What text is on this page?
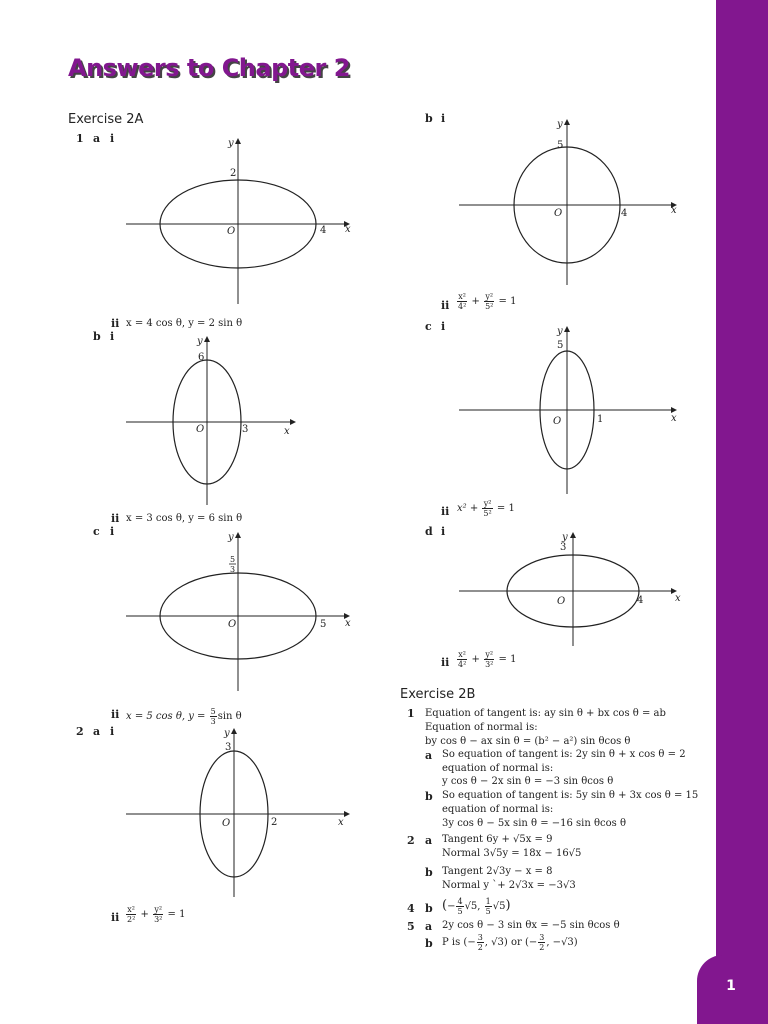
1
Answers to Chapter 2
Exercise 2A
1 a i	y
x
O	4
2
ii x = 4 cos θ, y = 2 sin θ
b i	y
x
O	3
6
ii x = 3 cos θ, y = 6 sin θ
c i	y
x
O	5
5
3
ii x = 5 cos θ, $y = \frac{5}{3}$ sin θ
2 a i	y
x
O	2
3
ii $\frac{\text{x²}}{\text{2²}} + \frac{\text{y²}}{\text{3²}} = 1$
b i	y
x
O	4
5
ii $\frac{\text{x²}}{\text{4²}} + \frac{\text{y²}}{\text{5²}} = 1$
c i	y
x
O	1
5
ii $x^2 + \frac{\text{y²}}{\text{5²}} = 1$
d i	y
x
O	4
3
ii $\frac{\text{x²}}{\text{4²}} + \frac{\text{y²}}{\text{3²}} = 1$
Exercise 2B
1 Equation of tangent is: ay sin θ + bx cos θ = ab
Equation of normal is:
by cos θ − ax sin θ = (b² − a²) sin θcos θ
a So equation of tangent is: 2y sin θ + x cos θ = 2
equation of normal is:
y cos θ − 2x sin θ = −3 sin θcos θ
b So equation of tangent is: 5y sin θ + 3x cos θ = 15
equation of normal is:
3y cos θ − 5x sin θ = −16 sin θcos θ
2 a Tangent 6y + √5x = 9
Normal 3√5y = 18x − 16√5
b Tangent 2√3y − x = 8
Normal y `+ 2√3x = −3√3
4 b (− $\frac{4}{5} √5$, $\frac{1}{5} √5$)
5 a 2y cos θ − 3 sin θx = −5 sin θcos θ
b P is (− $\frac{3}{2}$ , √3) or (− $\frac{3}{2}$ , −√3)
